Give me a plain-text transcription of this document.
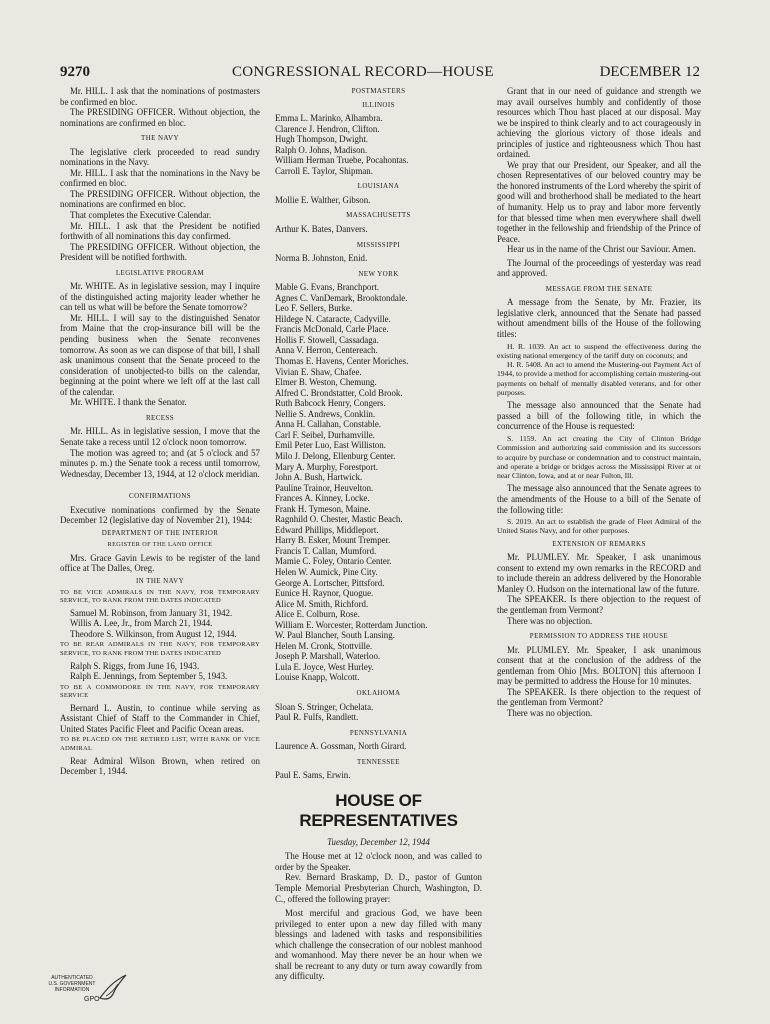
9270	CONGRESSIONAL RECORD—HOUSE	DECEMBER 12

Mr. HILL. I ask that the nominations of postmasters be confirmed en bloc.

The PRESIDING OFFICER. Without objection, the nominations are confirmed en bloc.

THE NAVY

The legislative clerk proceeded to read sundry nominations in the Navy.

Mr. HILL. I ask that the nominations in the Navy be confirmed en bloc.

The PRESIDING OFFICER. Without objection, the nominations are confirmed en bloc.

That completes the Executive Calendar.

Mr. HILL. I ask that the President be notified forthwith of all nominations this day confirmed.

The PRESIDING OFFICER. Without objection, the President will be notified forthwith.

LEGISLATIVE PROGRAM

Mr. WHITE. As in legislative session, may I inquire of the distinguished acting majority leader whether he can tell us what will be before the Senate tomorrow?

Mr. HILL. I will say to the distinguished Senator from Maine that the crop-insurance bill will be the pending business when the Senate reconvenes tomorrow. As soon as we can dispose of that bill, I shall ask unanimous consent that the Senate proceed to the consideration of unobjected-to bills on the calendar, beginning at the point where we left off at the last call of the calendar.

Mr. WHITE. I thank the Senator.

RECESS

Mr. HILL. As in legislative session, I move that the Senate take a recess until 12 o'clock noon tomorrow.

The motion was agreed to; and (at 5 o'clock and 57 minutes p. m.) the Senate took a recess until tomorrow, Wednesday, December 13, 1944, at 12 o'clock meridian.

CONFIRMATIONS

Executive nominations confirmed by the Senate December 12 (legislative day of November 21), 1944:

DEPARTMENT OF THE INTERIOR
REGISTER OF THE LAND OFFICE

Mrs. Grace Gavin Lewis to be register of the land office at The Dalles, Oreg.

IN THE NAVY
TO BE VICE ADMIRALS IN THE NAVY, FOR TEMPORARY SERVICE, TO RANK FROM THE DATES INDICATED

Samuel M. Robinson, from January 31, 1942.

Willis A. Lee, Jr., from March 21, 1944.

Theodore S. Wilkinson, from August 12, 1944.

TO BE REAR ADMIRALS IN THE NAVY, FOR TEMPORARY SERVICE, TO RANK FROM THE DATES INDICATED

Ralph S. Riggs, from June 16, 1943.

Ralph E. Jennings, from September 5, 1943.

TO BE A COMMODORE IN THE NAVY, FOR TEMPORARY SERVICE

Bernard L. Austin, to continue while serving as Assistant Chief of Staff to the Commander in Chief, United States Pacific Fleet and Pacific Ocean areas.

TO BE PLACED ON THE RETIRED LIST, WITH RANK OF VICE ADMIRAL

Rear Admiral Wilson Brown, when retired on December 1, 1944.

POSTMASTERS
ILLINOIS
Emma L. Marinko, Alhambra.
Clarence J. Hendron, Clifton.
Hugh Thompson, Dwight.
Ralph O. Johns, Madison.
William Herman Truebe, Pocahontas.
Carroll E. Taylor, Shipman.
LOUISIANA
Mollie E. Walther, Gibson.
MASSACHUSETTS
Arthur K. Bates, Danvers.
MISSISSIPPI
Norma B. Johnston, Enid.
NEW YORK
Mable G. Evans, Branchport.
Agnes C. VanDemark, Brooktondale.
Leo F. Sellers, Burke.
Hildege N. Cataracte, Cadyville.
Francis McDonald, Carle Place.
Hollis F. Stowell, Cassadaga.
Anna V. Herron, Centereach.
Thomas E. Havens, Center Moriches.
Vivian E. Shaw, Chafee.
Elmer B. Weston, Chemung.
Alfred C. Brondstatter, Cold Brook.
Ruth Babcock Henry, Congers.
Nellie S. Andrews, Conklin.
Anna H. Callahan, Constable.
Carl F. Seibel, Durhamville.
Emil Peter Luo, East Williston.
Milo J. Delong, Ellenburg Center.
Mary A. Murphy, Forestport.
John A. Bush, Hartwick.
Pauline Trainor, Heuvelton.
Frances A. Kinney, Locke.
Frank H. Tymeson, Maine.
Ragnhild O. Chester, Mastic Beach.
Edward Phillips, Middleport.
Harry B. Esker, Mount Tremper.
Francis T. Callan, Mumford.
Mamie C. Foley, Ontario Center.
Helen W. Aumick, Pine City.
George A. Lortscher, Pittsford.
Eunice H. Raynor, Quogue.
Alice M. Smith, Richford.
Alice E. Colburn, Rose.
William E. Worcester, Rotterdam Junction.
W. Paul Blancher, South Lansing.
Helen M. Cronk, Stottville.
Joseph P. Marshall, Waterloo.
Lula E. Joyce, West Hurley.
Louise Knapp, Wolcott.
OKLAHOMA
Sloan S. Stringer, Ochelata.
Paul R. Fulfs, Randlett.
PENNSYLVANIA
Laurence A. Gossman, North Girard.
TENNESSEE
Paul E. Sams, Erwin.
HOUSE OF REPRESENTATIVES
Tuesday, December 12, 1944

The House met at 12 o'clock noon, and was called to order by the Speaker.

Rev. Bernard Braskamp, D. D., pastor of Gunton Temple Memorial Presbyterian Church, Washington, D. C., offered the following prayer:

Most merciful and gracious God, we have been privileged to enter upon a new day filled with many blessings and ladened with tasks and responsibilities which challenge the consecration of our noblest manhood and womanhood. May there never be an hour when we shall be recreant to any duty or turn away cowardly from any difficulty.

Grant that in our need of guidance and strength we may avail ourselves humbly and confidently of those resources which Thou hast placed at our disposal. May we be inspired to think clearly and to act courageously in achieving the glorious victory of those ideals and principles of justice and righteousness which Thou hast ordained.

We pray that our President, our Speaker, and all the chosen Representatives of our beloved country may be the honored instruments of the Lord whereby the spirit of good will and brotherhood shall be mediated to the heart of humanity. Help us to pray and labor more fervently for that blessed time when men everywhere shall dwell together in the fellowship and friendship of the Prince of Peace.

Hear us in the name of the Christ our Saviour. Amen.

The Journal of the proceedings of yesterday was read and approved.

MESSAGE FROM THE SENATE

A message from the Senate, by Mr. Frazier, its legislative clerk, announced that the Senate had passed without amendment bills of the House of the following titles:

H. R. 1039. An act to suspend the effectiveness during the existing national emergency of the tariff duty on coconuts; and

H. R. 5408. An act to amend the Mustering-out Payment Act of 1944, to provide a method for accomplishing certain mustering-out payments on behalf of mentally disabled veterans, and for other purposes.

The message also announced that the Senate had passed a bill of the following title, in which the concurrence of the House is requested:

S. 1159. An act creating the City of Clinton Bridge Commission and authorizing said commission and its successors to acquire by purchase or condemnation and to construct maintain, and operate a bridge or bridges across the Mississippi River at or near Clinton, Iowa, and at or near Fulton, Ill.

The message also announced that the Senate agrees to the amendments of the House to a bill of the Senate of the following title:

S. 2019. An act to establish the grade of Fleet Admiral of the United States Navy, and for other purposes.

EXTENSION OF REMARKS

Mr. PLUMLEY. Mr. Speaker, I ask unanimous consent to extend my own remarks in the RECORD and to include therein an address delivered by the Honorable Manley O. Hudson on the international law of the future.

The SPEAKER. Is there objection to the request of the gentleman from Vermont?

There was no objection.

PERMISSION TO ADDRESS THE HOUSE

Mr. PLUMLEY. Mr. Speaker, I ask unanimous consent that at the conclusion of the address of the gentleman from Ohio [Mrs. BOLTON] this afternoon I may be permitted to address the House for 10 minutes.

The SPEAKER. Is there objection to the request of the gentleman from Vermont?

There was no objection.

AUTHENTICATED
U.S. GOVERNMENT
INFORMATION
GPO
